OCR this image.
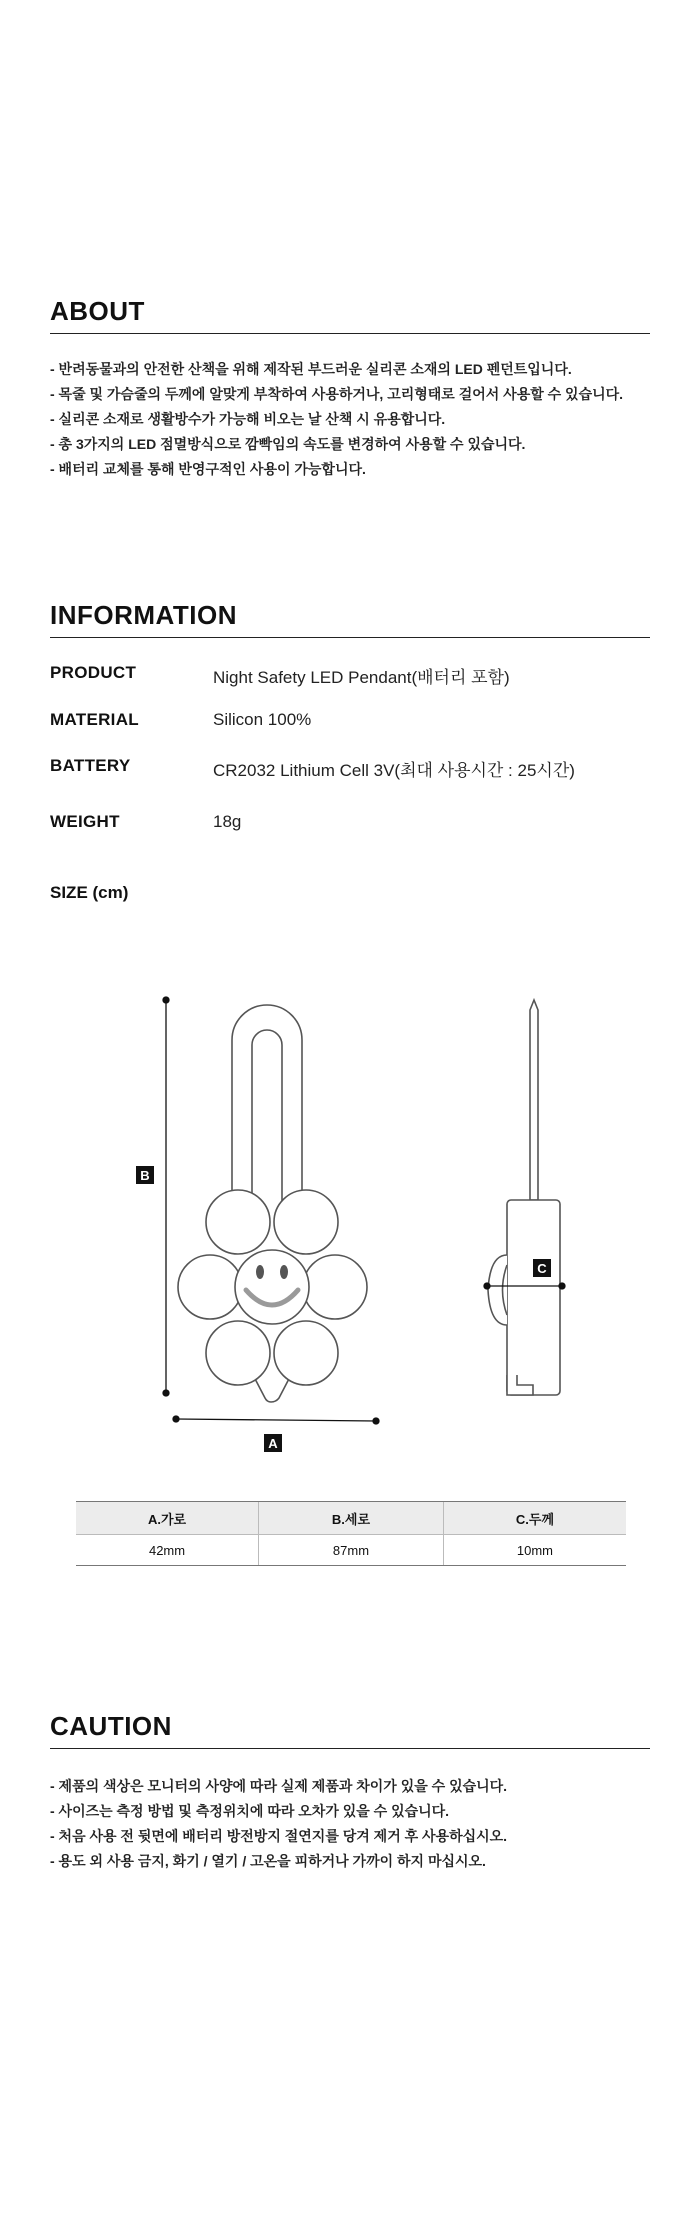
ABOUT
- 반려동물과의 안전한 산책을 위해 제작된 부드러운 실리콘 소재의 LED 펜던트입니다.
- 목줄 및 가슴줄의 두께에 알맞게 부착하여 사용하거나, 고리형태로 걸어서 사용할 수 있습니다.
- 실리콘 소재로 생활방수가 가능해 비오는 날 산책 시 유용합니다.
- 총 3가지의 LED 점멸방식으로 깜빡임의 속도를 변경하여 사용할 수 있습니다.
- 배터리 교체를 통해 반영구적인 사용이 가능합니다.
INFORMATION
PRODUCT	Night Safety LED Pendant(배터리 포함)
MATERIAL	Silicon 100%
BATTERY	CR2032 Lithium Cell 3V(최대 사용시간 : 25시간)
WEIGHT	18g
SIZE (cm)
B
A
C
A.가로	B.세로	C.두께
42mm	87mm	10mm
CAUTION
- 제품의 색상은 모니터의 사양에 따라 실제 제품과 차이가 있을 수 있습니다.
- 사이즈는 측정 방법 및 측정위치에 따라 오차가 있을 수 있습니다.
- 처음 사용 전 뒷면에 배터리 방전방지 절연지를 당겨 제거 후 사용하십시오.
- 용도 외 사용 금지, 화기 / 열기 / 고온을 피하거나 가까이 하지 마십시오.
